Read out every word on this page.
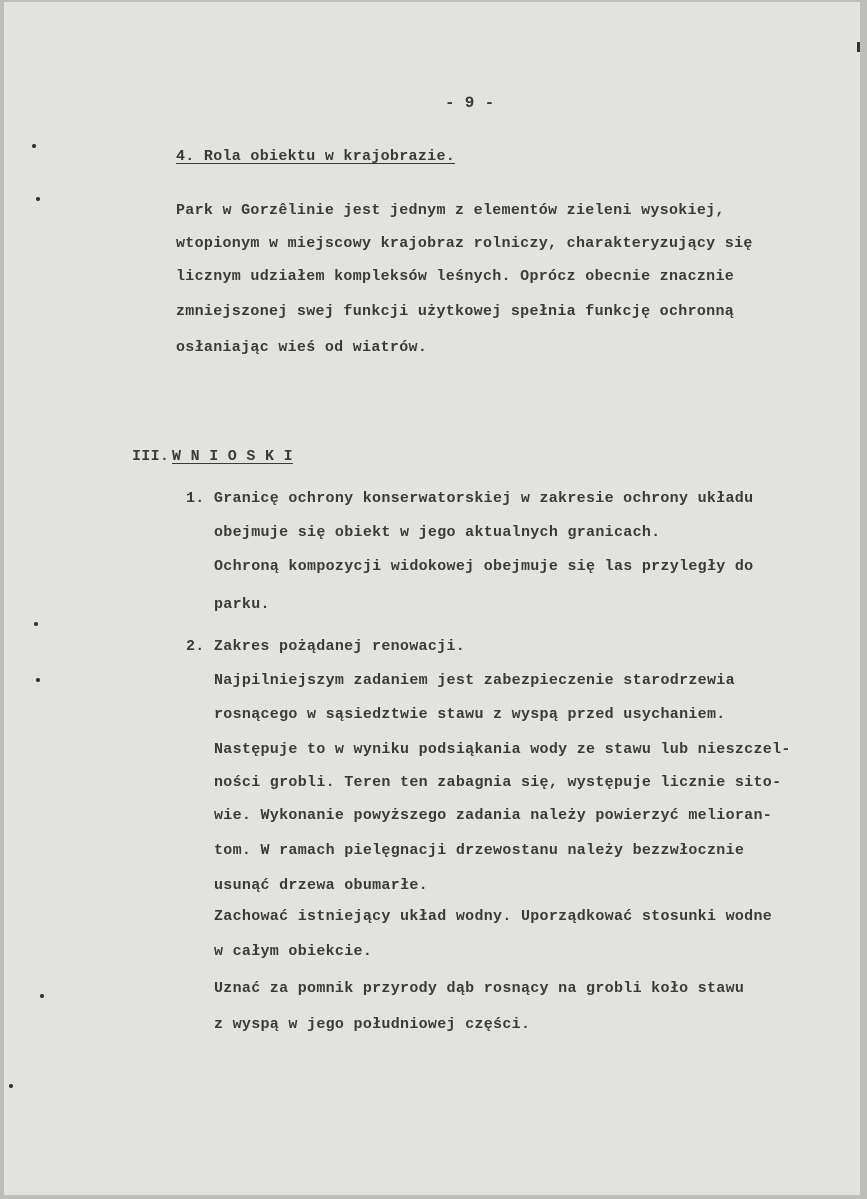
- 9 -
4. Rola obiektu w krajobrazie.
Park w Gorzêlinie jest jednym z elementów zieleni wysokiej,
wtopionym w miejscowy krajobraz rolniczy, charakteryzujący się
licznym udziałem kompleksów leśnych. Oprócz obecnie znacznie
zmniejszonej swej funkcji użytkowej spełnia funkcję ochronną
osłaniając wieś od wiatrów.
III. W N I O S K I
1. Granicę ochrony konserwatorskiej w zakresie ochrony układu
obejmuje się obiekt w jego aktualnych granicach.
Ochroną kompozycji widokowej obejmuje się las przyległy do
parku.
2. Zakres pożądanej renowacji.
Najpilniejszym zadaniem jest zabezpieczenie starodrzewia
rosnącego w sąsiedztwie stawu z wyspą przed usychaniem.
Następuje to w wyniku podsiąkania wody ze stawu lub nieszczel-
ności grobli. Teren ten zabagnia się, występuje licznie sito-
wie. Wykonanie powyższego zadania należy powierzyć melioran-
tom. W ramach pielęgnacji drzewostanu należy bezzwłocznie
usunąć drzewa obumarłe.
Zachować istniejący układ wodny. Uporządkować stosunki wodne
w całym obiekcie.
Uznać za pomnik przyrody dąb rosnący na grobli koło stawu
z wyspą w jego południowej części.
